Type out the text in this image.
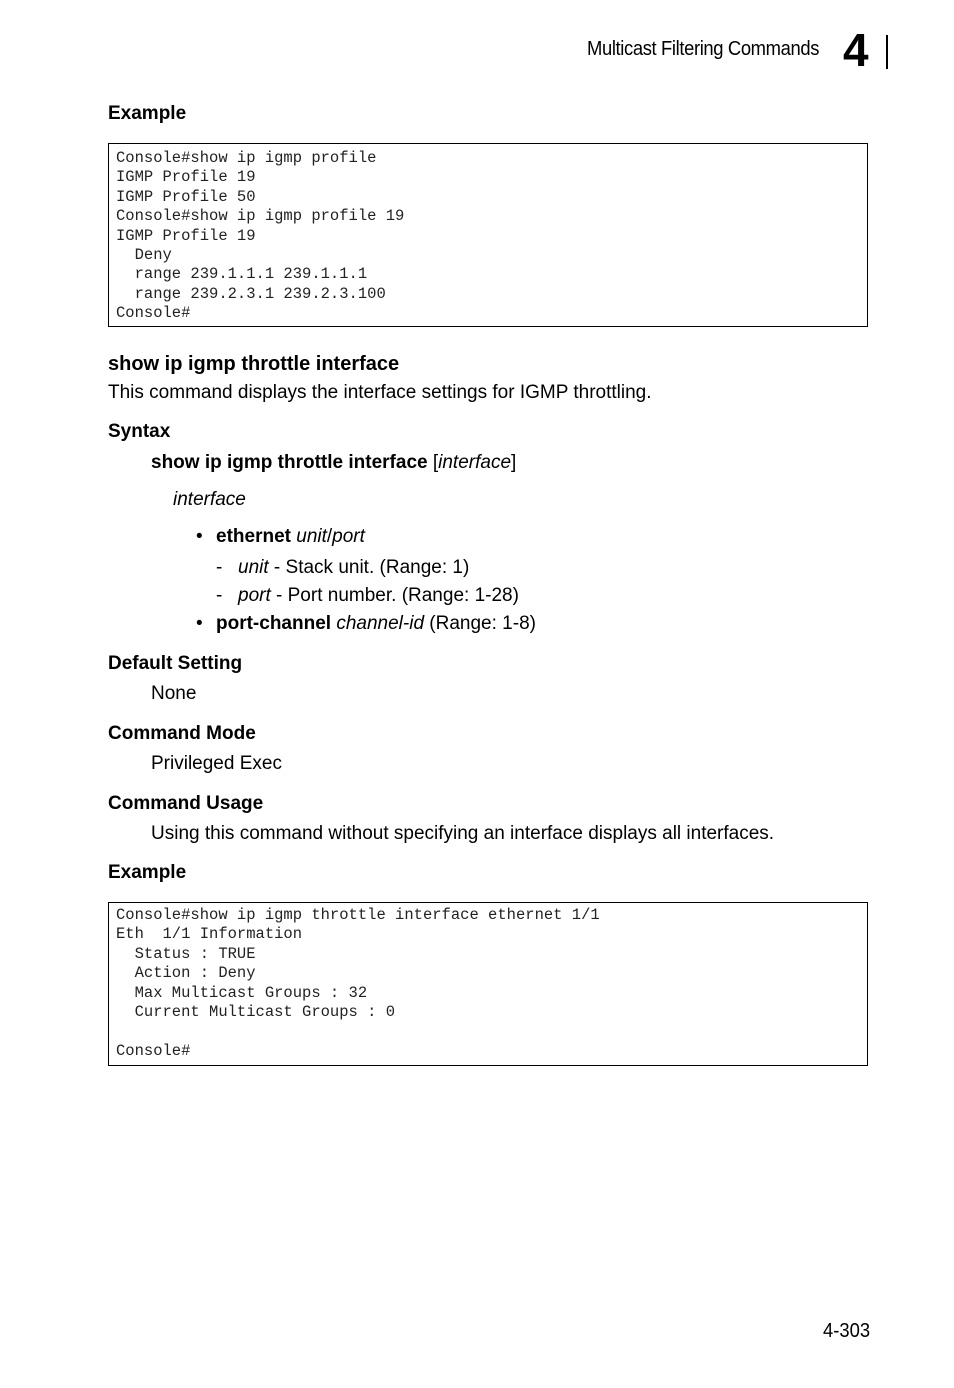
Multicast Filtering Commands 4
Example
Console#show ip igmp profile
IGMP Profile 19
IGMP Profile 50
Console#show ip igmp profile 19
IGMP Profile 19
Deny
range 239.1.1.1 239.1.1.1
range 239.2.3.1 239.2.3.100
Console#
show ip igmp throttle interface
This command displays the interface settings for IGMP throttling.
Syntax
show ip igmp throttle interface [interface]
interface
• ethernet unit/port
- unit - Stack unit. (Range: 1)
- port - Port number. (Range: 1-28)
• port-channel channel-id (Range: 1-8)
Default Setting
None
Command Mode
Privileged Exec
Command Usage
Using this command without specifying an interface displays all interfaces.
Example
Console#show ip igmp throttle interface ethernet 1/1
Eth  1/1 Information
Status : TRUE
Action : Deny
Max Multicast Groups : 32
Current Multicast Groups : 0

Console#
4-303
